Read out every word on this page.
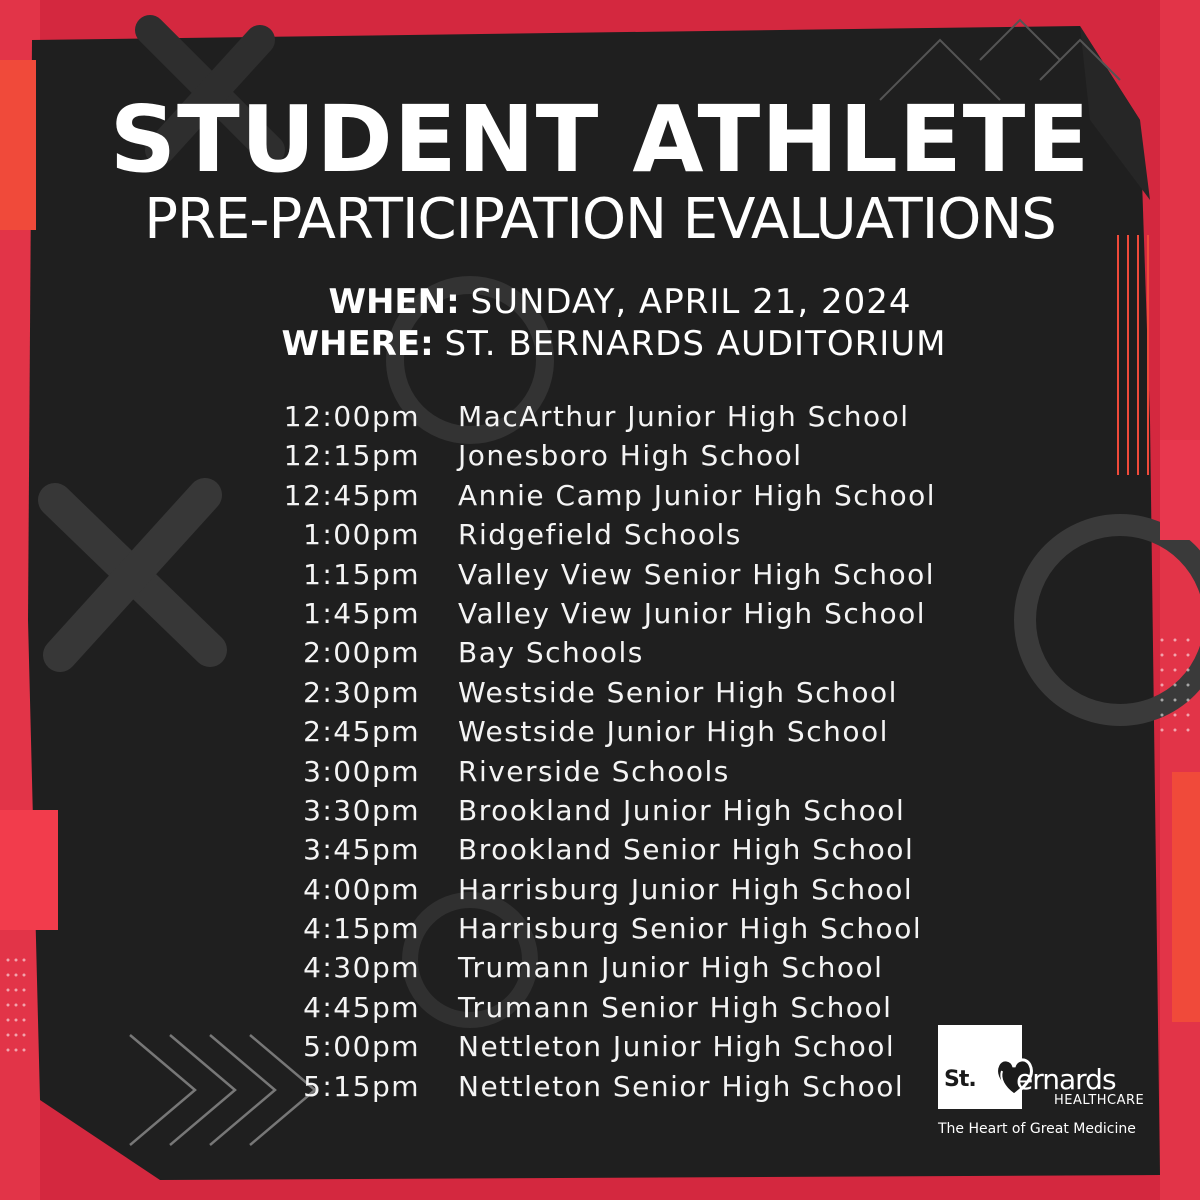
STUDENT ATHLETE
PRE-PARTICIPATION EVALUATIONS
WHEN: SUNDAY, APRIL 21, 2024
WHERE: ST. BERNARDS AUDITORIUM
12:00pm	MacArthur Junior High School
12:15pm	Jonesboro High School
12:45pm	Annie Camp Junior High School
1:00pm	Ridgefield Schools
1:15pm	Valley View Senior High School
1:45pm	Valley View Junior High School
2:00pm	Bay Schools
2:30pm	Westside Senior High School
2:45pm	Westside Junior High School
3:00pm	Riverside Schools
3:30pm	Brookland Junior High School
3:45pm	Brookland Senior High School
4:00pm	Harrisburg Junior High School
4:15pm	Harrisburg Senior High School
4:30pm	Trumann Junior High School
4:45pm	Trumann Senior High School
5:00pm	Nettleton Junior High School
5:15pm	Nettleton Senior High School	St. ernards
HEALTHCARE
The Heart of Great Medicine
